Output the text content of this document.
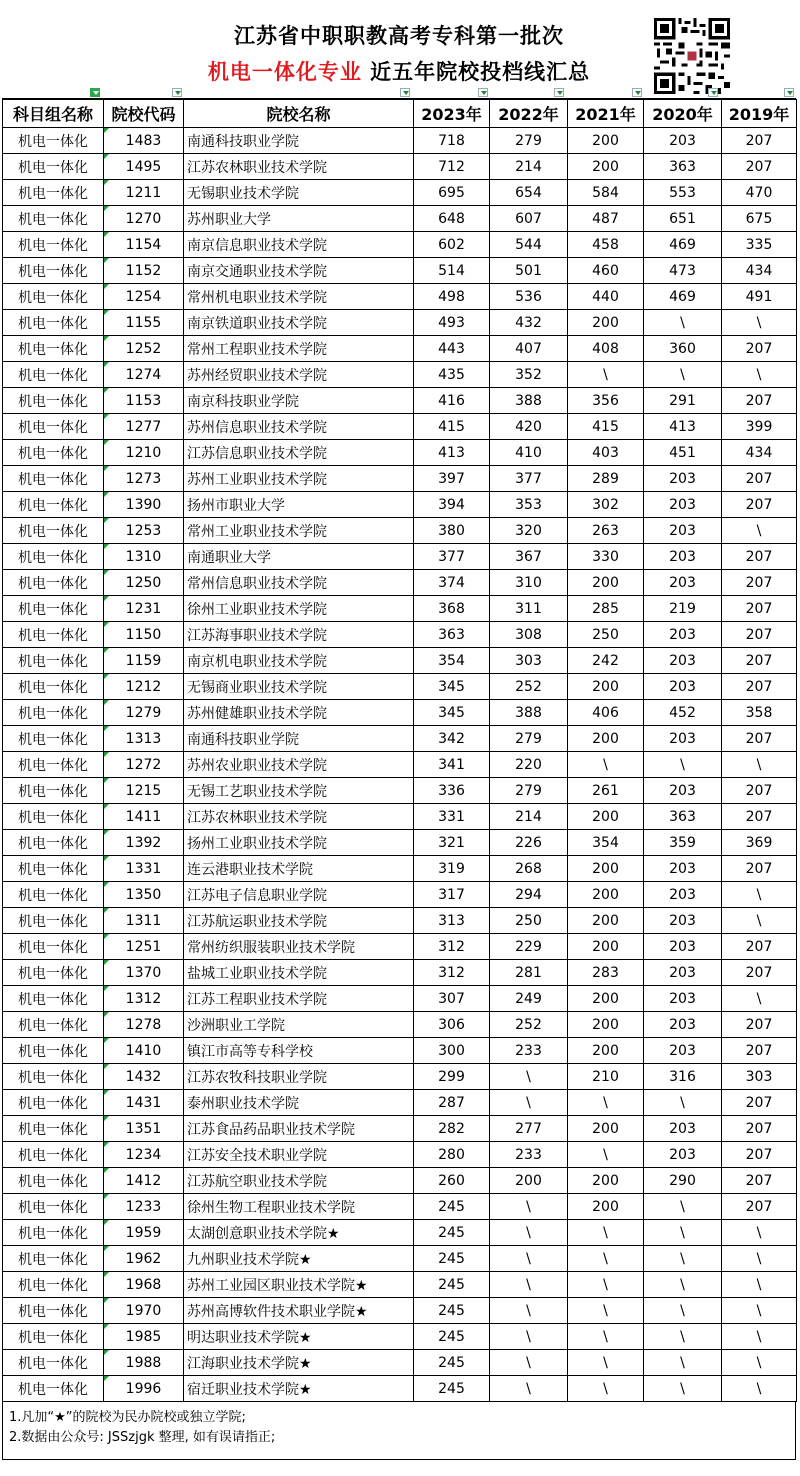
江苏省中职职教高考专科第一批次
机电一体化专业 近五年院校投档线汇总
科目组名称	院校代码	院校名称	2023年	2022年	2021年	2020年	2019年
机电一体化	1483	南通科技职业学院	718	279	200	203	207
机电一体化	1495	江苏农林职业技术学院	712	214	200	363	207
机电一体化	1211	无锡职业技术学院	695	654	584	553	470
机电一体化	1270	苏州职业大学	648	607	487	651	675
机电一体化	1154	南京信息职业技术学院	602	544	458	469	335
机电一体化	1152	南京交通职业技术学院	514	501	460	473	434
机电一体化	1254	常州机电职业技术学院	498	536	440	469	491
机电一体化	1155	南京铁道职业技术学院	493	432	200	\	\
机电一体化	1252	常州工程职业技术学院	443	407	408	360	207
机电一体化	1274	苏州经贸职业技术学院	435	352	\	\	\
机电一体化	1153	南京科技职业学院	416	388	356	291	207
机电一体化	1277	苏州信息职业技术学院	415	420	415	413	399
机电一体化	1210	江苏信息职业技术学院	413	410	403	451	434
机电一体化	1273	苏州工业职业技术学院	397	377	289	203	207
机电一体化	1390	扬州市职业大学	394	353	302	203	207
机电一体化	1253	常州工业职业技术学院	380	320	263	203	\
机电一体化	1310	南通职业大学	377	367	330	203	207
机电一体化	1250	常州信息职业技术学院	374	310	200	203	207
机电一体化	1231	徐州工业职业技术学院	368	311	285	219	207
机电一体化	1150	江苏海事职业技术学院	363	308	250	203	207
机电一体化	1159	南京机电职业技术学院	354	303	242	203	207
机电一体化	1212	无锡商业职业技术学院	345	252	200	203	207
机电一体化	1279	苏州健雄职业技术学院	345	388	406	452	358
机电一体化	1313	南通科技职业学院	342	279	200	203	207
机电一体化	1272	苏州农业职业技术学院	341	220	\	\	\
机电一体化	1215	无锡工艺职业技术学院	336	279	261	203	207
机电一体化	1411	江苏农林职业技术学院	331	214	200	363	207
机电一体化	1392	扬州工业职业技术学院	321	226	354	359	369
机电一体化	1331	连云港职业技术学院	319	268	200	203	207
机电一体化	1350	江苏电子信息职业学院	317	294	200	203	\
机电一体化	1311	江苏航运职业技术学院	313	250	200	203	\
机电一体化	1251	常州纺织服装职业技术学院	312	229	200	203	207
机电一体化	1370	盐城工业职业技术学院	312	281	283	203	207
机电一体化	1312	江苏工程职业技术学院	307	249	200	203	\
机电一体化	1278	沙洲职业工学院	306	252	200	203	207
机电一体化	1410	镇江市高等专科学校	300	233	200	203	207
机电一体化	1432	江苏农牧科技职业学院	299	\	210	316	303
机电一体化	1431	泰州职业技术学院	287	\	\	\	207
机电一体化	1351	江苏食品药品职业技术学院	282	277	200	203	207
机电一体化	1234	江苏安全技术职业学院	280	233	\	203	207
机电一体化	1412	江苏航空职业技术学院	260	200	200	290	207
机电一体化	1233	徐州生物工程职业技术学院	245	\	200	\	207
机电一体化	1959	太湖创意职业技术学院★	245	\	\	\	\
机电一体化	1962	九州职业技术学院★	245	\	\	\	\
机电一体化	1968	苏州工业园区职业技术学院★	245	\	\	\	\
机电一体化	1970	苏州高博软件技术职业学院★	245	\	\	\	\
机电一体化	1985	明达职业技术学院★	245	\	\	\	\
机电一体化	1988	江海职业技术学院★	245	\	\	\	\
机电一体化	1996	宿迁职业技术学院★	245	\	\	\	\
1.凡加“★”的院校为民办院校或独立学院;
2.数据由公众号: JSSzjgk 整理, 如有误请指正;
